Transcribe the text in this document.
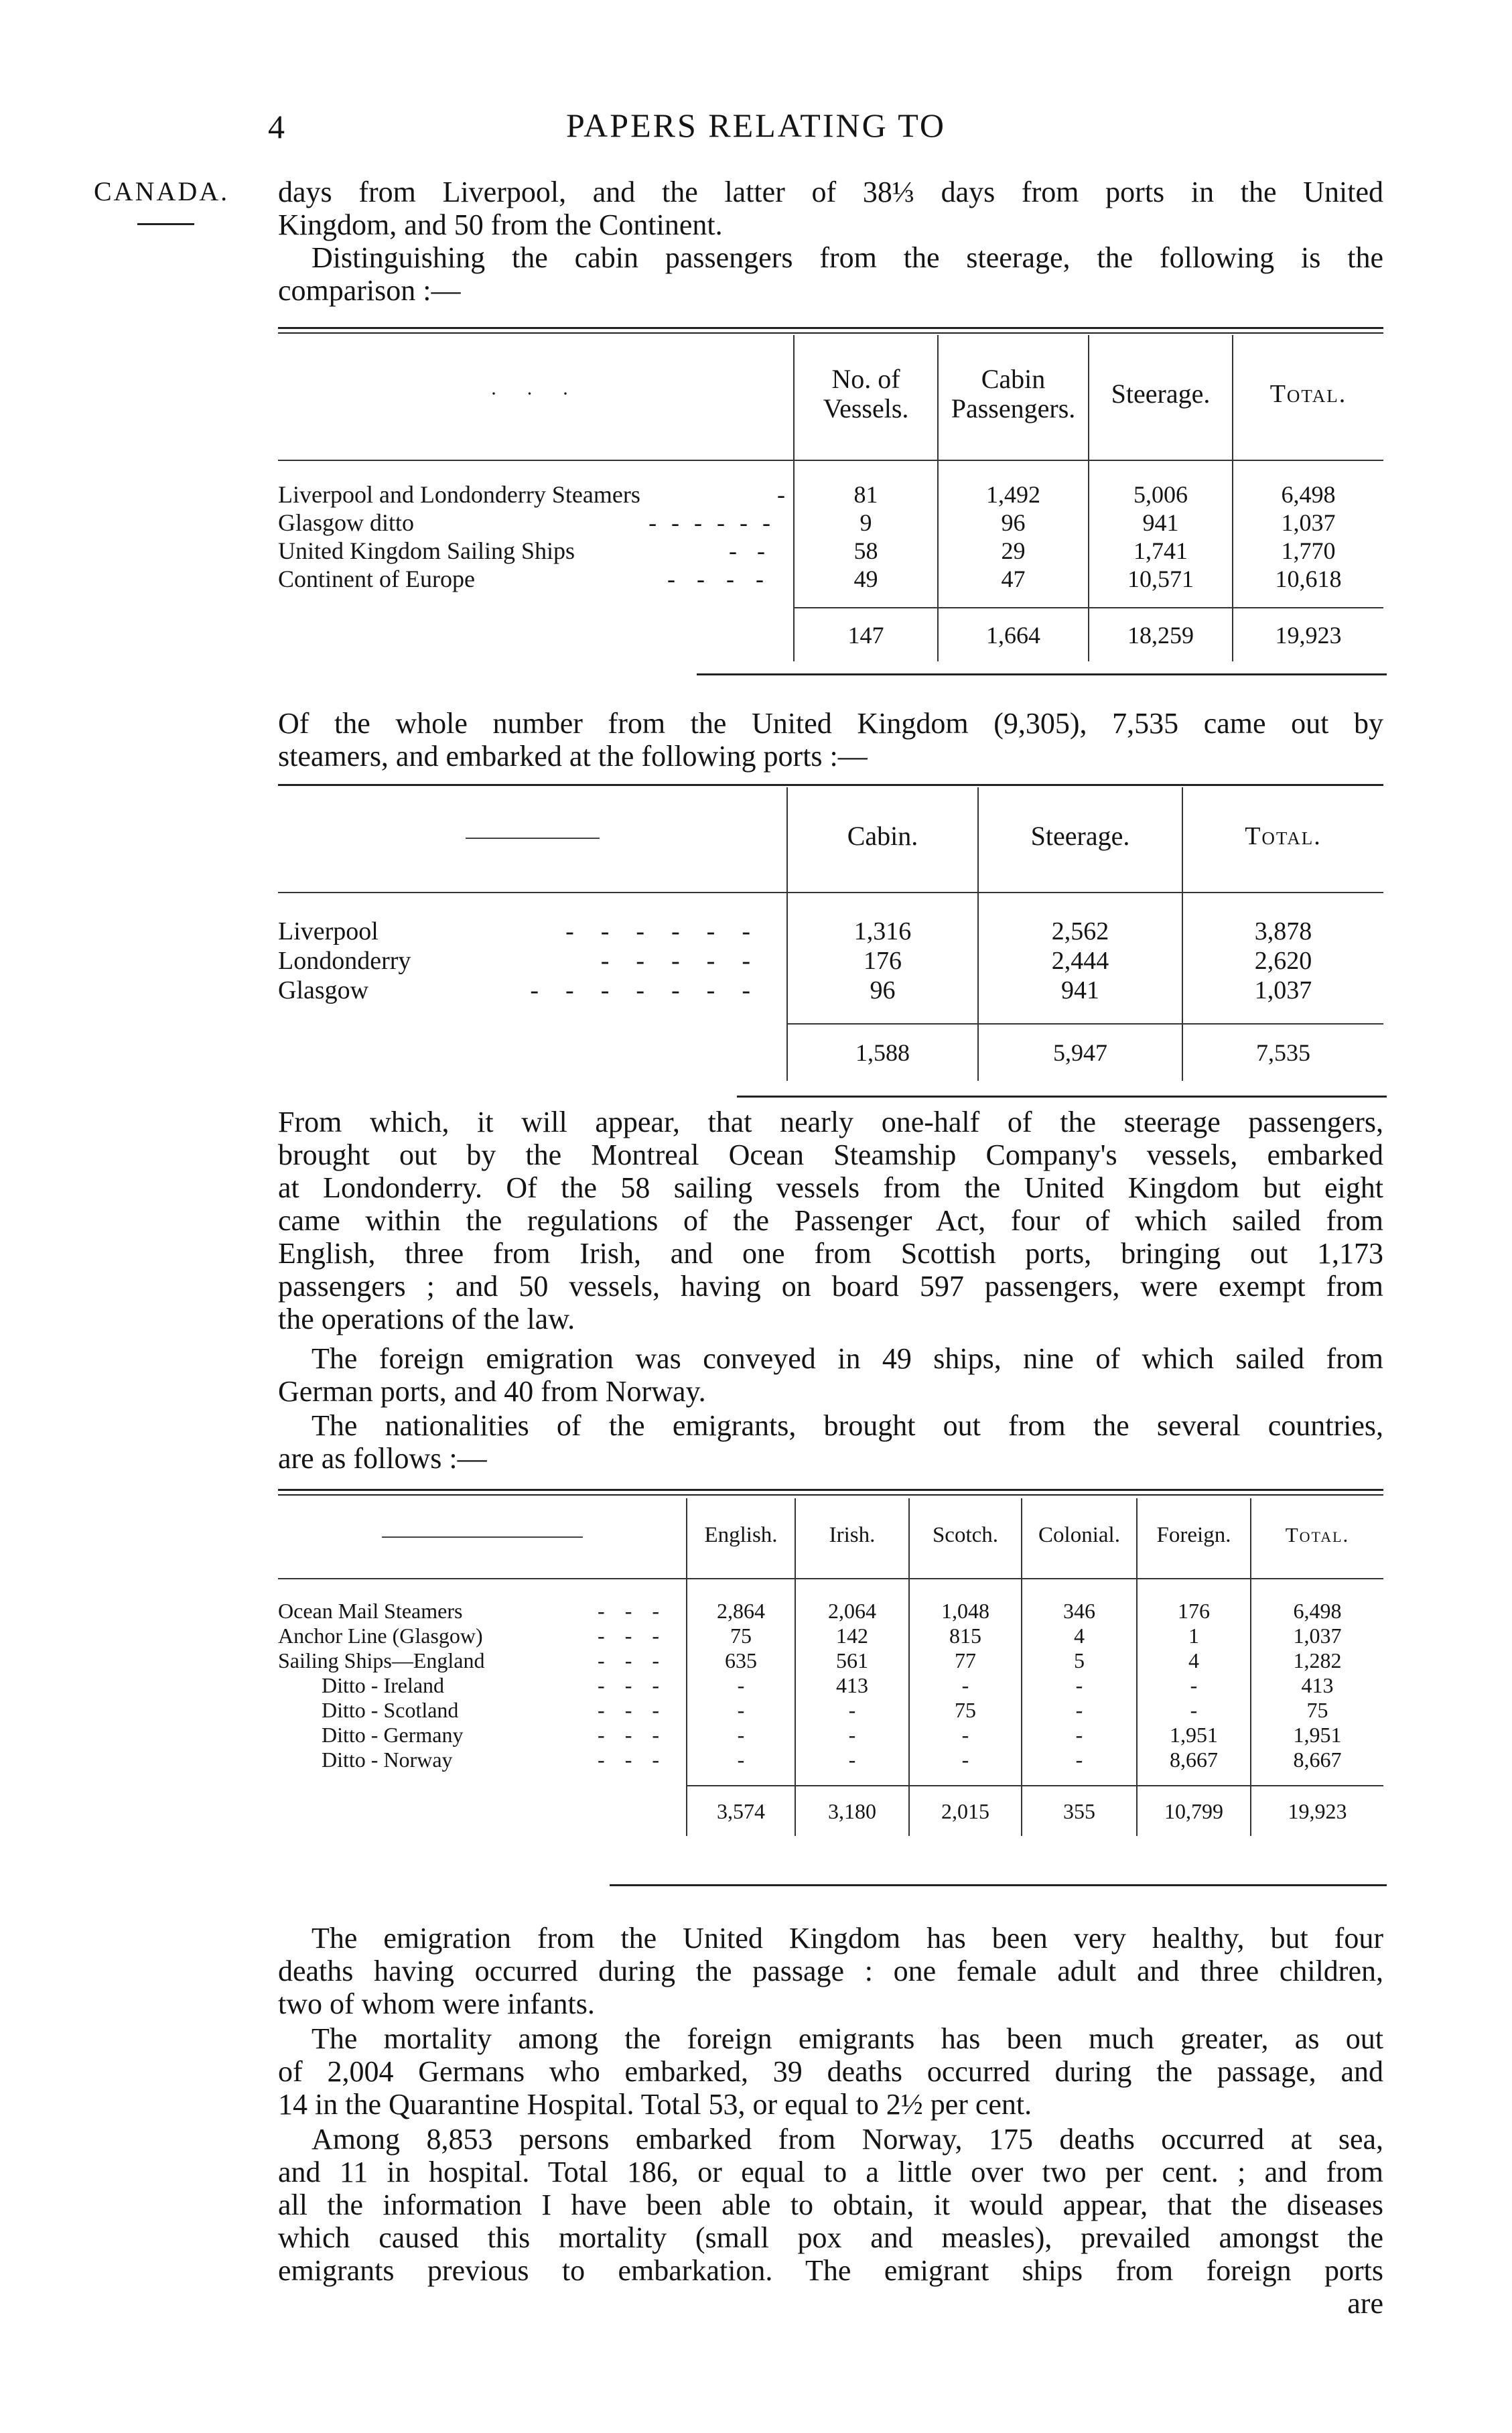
4	PAPERS RELATING TO
CANADA. days from Liverpool, and the latter of 38⅓ days from ports in the United
Kingdom, and 50 from the Continent.
Distinguishing the cabin passengers from the steerage, the following is the
comparison :—
· · ·	No. of Vessels.	Cabin Passengers.	Steerage.	Total.

Liverpool and Londonderry Steamers -	81	1,492	5,006	6,498
Glasgow ditto ------	9	96	941	1,037
United Kingdom Sailing Ships --	58	29	1,741	1,770
Continent of Europe ----	49	47	10,571	10,618

	147	1,664	18,259	19,923
Of the whole number from the United Kingdom (9,305), 7,535 came out by
steamers, and embarked at the following ports :—
	Cabin.	Steerage.	Total.

Liverpool ------	1,316	2,562	3,878
Londonderry -----	176	2,444	2,620
Glasgow -------	96	941	1,037

	1,588	5,947	7,535
From which, it will appear, that nearly one-half of the steerage passengers,
brought out by the Montreal Ocean Steamship Company's vessels, embarked
at Londonderry. Of the 58 sailing vessels from the United Kingdom but eight
came within the regulations of the Passenger Act, four of which sailed from
English, three from Irish, and one from Scottish ports, bringing out 1,173
passengers ; and 50 vessels, having on board 597 passengers, were exempt from
the operations of the law.
The foreign emigration was conveyed in 49 ships, nine of which sailed from
German ports, and 40 from Norway.
The nationalities of the emigrants, brought out from the several countries,
are as follows :—
	English.	Irish.	Scotch.	Colonial.	Foreign.	Total.

Ocean Mail Steamers ---	2,864	2,064	1,048	346	176	6,498
Anchor Line (Glasgow) ---	75	142	815	4	1	1,037
Sailing Ships—England ---	635	561	77	5	4	1,282
Ditto - Ireland ---	-	413	-	-	-	413
Ditto - Scotland ---	-	-	75	-	-	75
Ditto - Germany ---	-	-	-	-	1,951	1,951
Ditto - Norway ---	-	-	-	-	8,667	8,667

	3,574	3,180	2,015	355	10,799	19,923
The emigration from the United Kingdom has been very healthy, but four
deaths having occurred during the passage : one female adult and three children,
two of whom were infants.
The mortality among the foreign emigrants has been much greater, as out
of 2,004 Germans who embarked, 39 deaths occurred during the passage, and
14 in the Quarantine Hospital. Total 53, or equal to 2½ per cent.
Among 8,853 persons embarked from Norway, 175 deaths occurred at sea,
and 11 in hospital. Total 186, or equal to a little over two per cent. ; and from
all the information I have been able to obtain, it would appear, that the diseases
which caused this mortality (small pox and measles), prevailed amongst the
emigrants previous to embarkation. The emigrant ships from foreign ports
are
